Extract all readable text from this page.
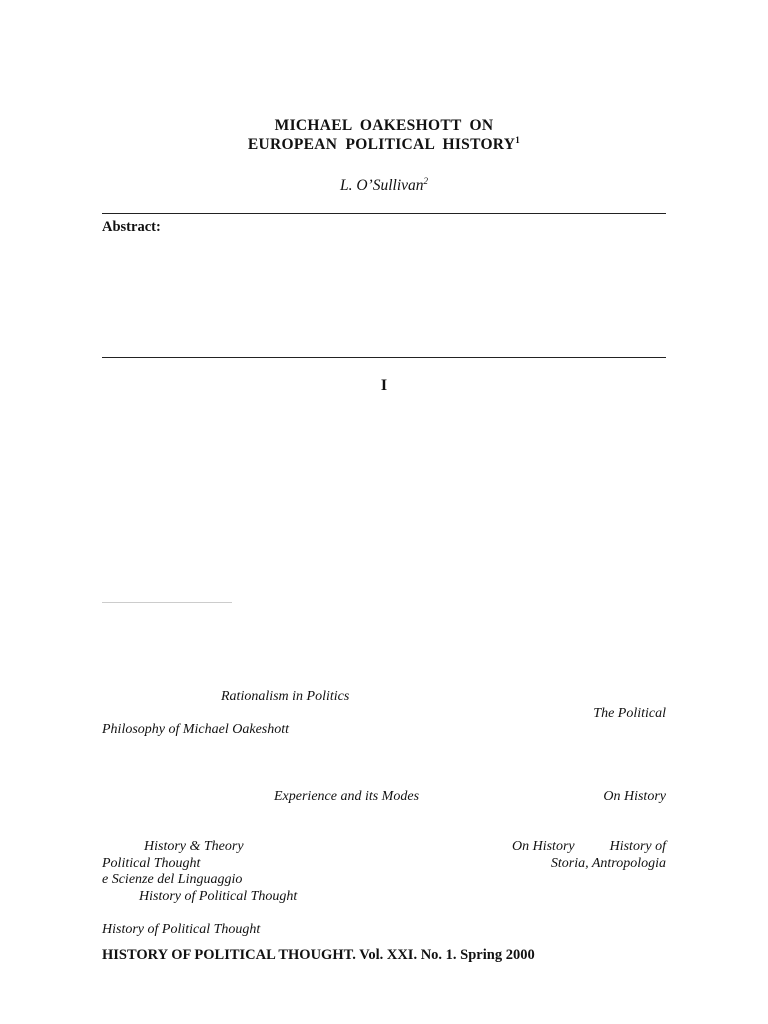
MICHAEL OAKESHOTT ON
EUROPEAN POLITICAL HISTORY$^1$
L. O’Sullivan$^2$
Abstract:
I
Rationalism in Politics
The Political
Philosophy of Michael Oakeshott
Experience and its Modes	On History
History & Theory	On History	History of
Political Thought	Storia, Antropologia
e Scienze del Linguaggio
History of Political Thought
History of Political Thought
HISTORY OF POLITICAL THOUGHT. Vol. XXI. No. 1. Spring 2000
